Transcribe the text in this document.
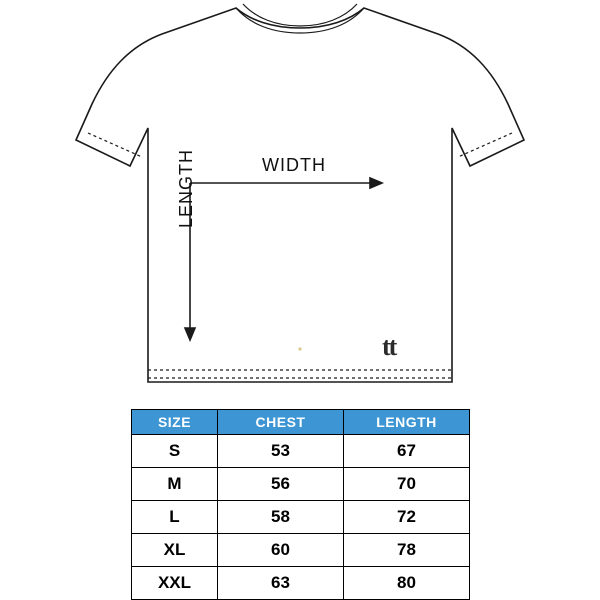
WIDTH
LENGTH
tt
SIZE	CHEST	LENGTH
S	53	67
M	56	70
L	58	72
XL	60	78
XXL	63	80
